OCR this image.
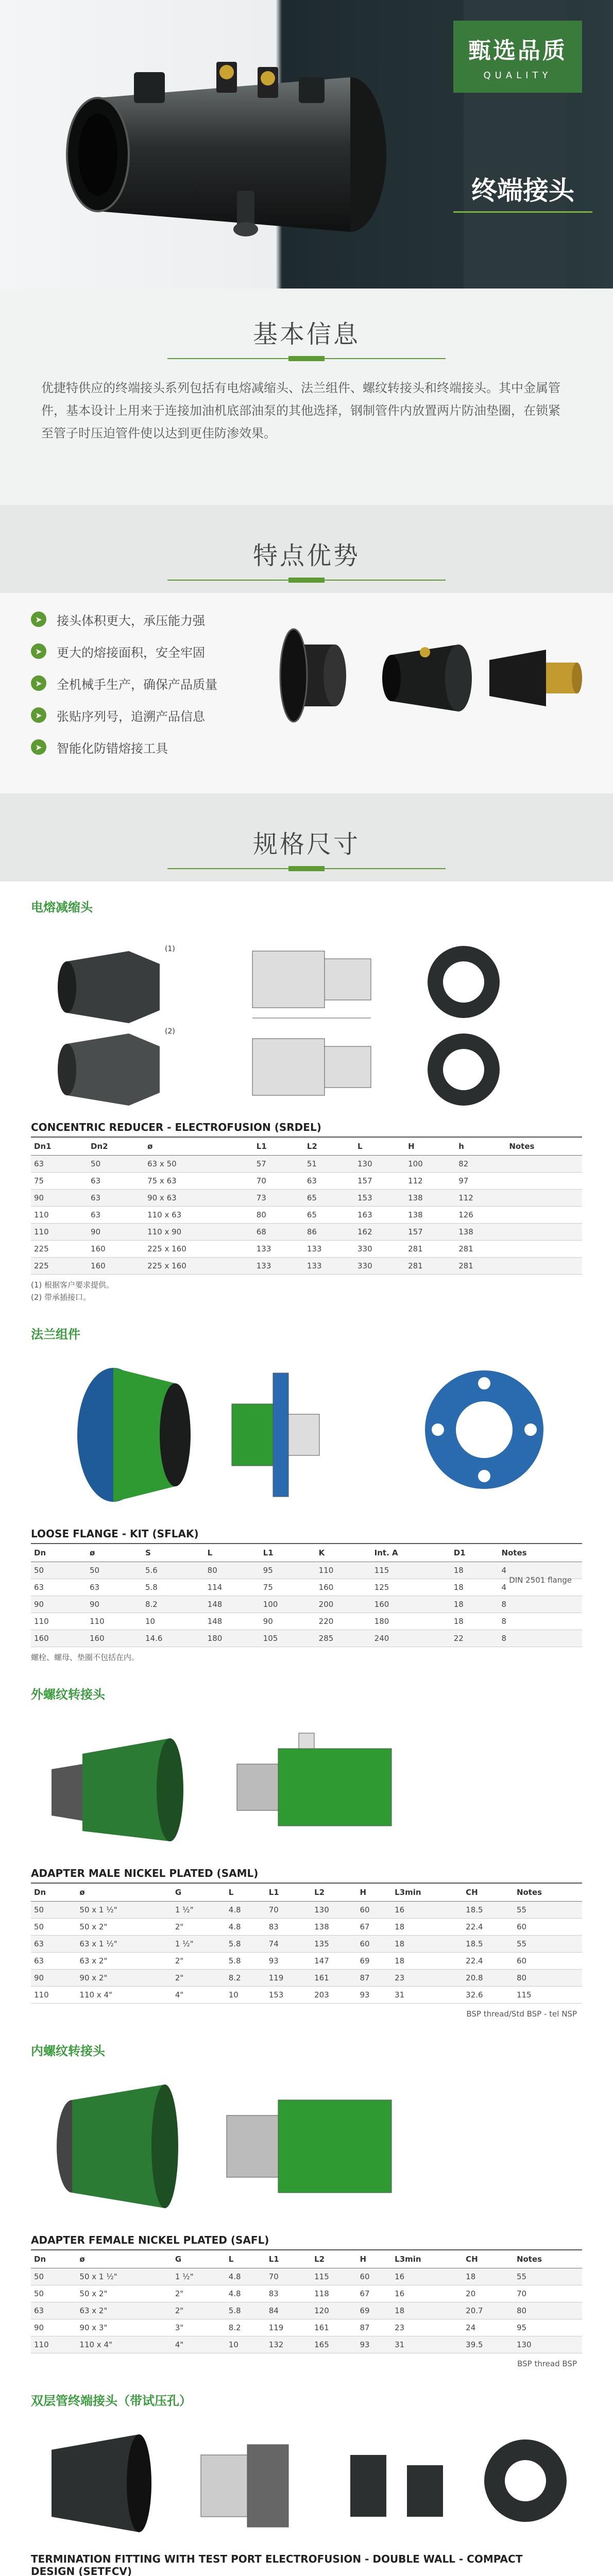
甄选品质
QUALITY
终端接头
基本信息

优捷特供应的终端接头系列包括有电熔减缩头、法兰组件、螺纹转接头和终端接头。其中金属管件，基本设计上用来于连接加油机底部油泵的其他选择，钢制管件内放置两片防油垫圈，在锁紧至管子时压迫管件使以达到更佳防渗效果。

特点优势
➤	接头体积更大，承压能力强
➤	更大的熔接面积，安全牢固
➤	全机械手生产，确保产品质量
➤	张贴序列号，追溯产品信息
➤	智能化防错熔接工具
规格尺寸
电熔减缩头
(1)
(2)
CONCENTRIC REDUCER - ELECTROFUSION (SRDEL)
Dn1	Dn2	ø	L1	L2	L	H	h	Notes
63	50	63 x 50	57	51	130	100	82	
75	63	75 x 63	70	63	157	112	97	
90	63	90 x 63	73	65	153	138	112	
110	63	110 x 63	80	65	163	138	126	
110	90	110 x 90	68	86	162	157	138	
225	160	225 x 160	133	133	330	281	281	
225	160	225 x 160	133	133	330	281	281	
(1) 根据客户要求提供。
(2) 带承插接口。
法兰组件
LOOSE FLANGE - KIT (SFLAK)
Dn	ø	S	L	L1	K	Int. A	D1	Notes
50	50	5.6	80	95	110	115	18	4
63	63	5.8	114	75	160	125	18	4
90	90	8.2	148	100	200	160	18	8
110	110	10	148	90	220	180	18	8
160	160	14.6	180	105	285	240	22	8
DIN 2501 flange
螺栓、螺母、垫圈不包括在内。
外螺纹转接头
ADAPTER MALE NICKEL PLATED (SAML)
Dn	ø	G	L	L1	L2	H	L3min	CH	Notes
50	50 x 1 ½"	1 ½"	4.8	70	130	60	16	18.5	55
50	50 x 2"	2"	4.8	83	138	67	18	22.4	60
63	63 x 1 ½"	1 ½"	5.8	74	135	60	18	18.5	55
63	63 x 2"	2"	5.8	93	147	69	18	22.4	60
90	90 x 2"	2"	8.2	119	161	87	23	20.8	80
110	110 x 4"	4"	10	153	203	93	31	32.6	115
BSP thread/Std BSP - tel NSP
内螺纹转接头
ADAPTER FEMALE NICKEL PLATED (SAFL)
Dn	ø	G	L	L1	L2	H	L3min	CH	Notes
50	50 x 1 ½"	1 ½"	4.8	70	115	60	16	18	55
50	50 x 2"	2"	4.8	83	118	67	16	20	70
63	63 x 2"	2"	5.8	84	120	69	18	20.7	80
90	90 x 3"	3"	8.2	119	161	87	23	24	95
110	110 x 4"	4"	10	132	165	93	31	39.5	130
BSP thread BSP
双层管终端接头（带试压孔）
TERMINATION FITTING WITH TEST PORT ELECTROFUSION - DOUBLE WALL - COMPACT DESIGN (SETFCV)
